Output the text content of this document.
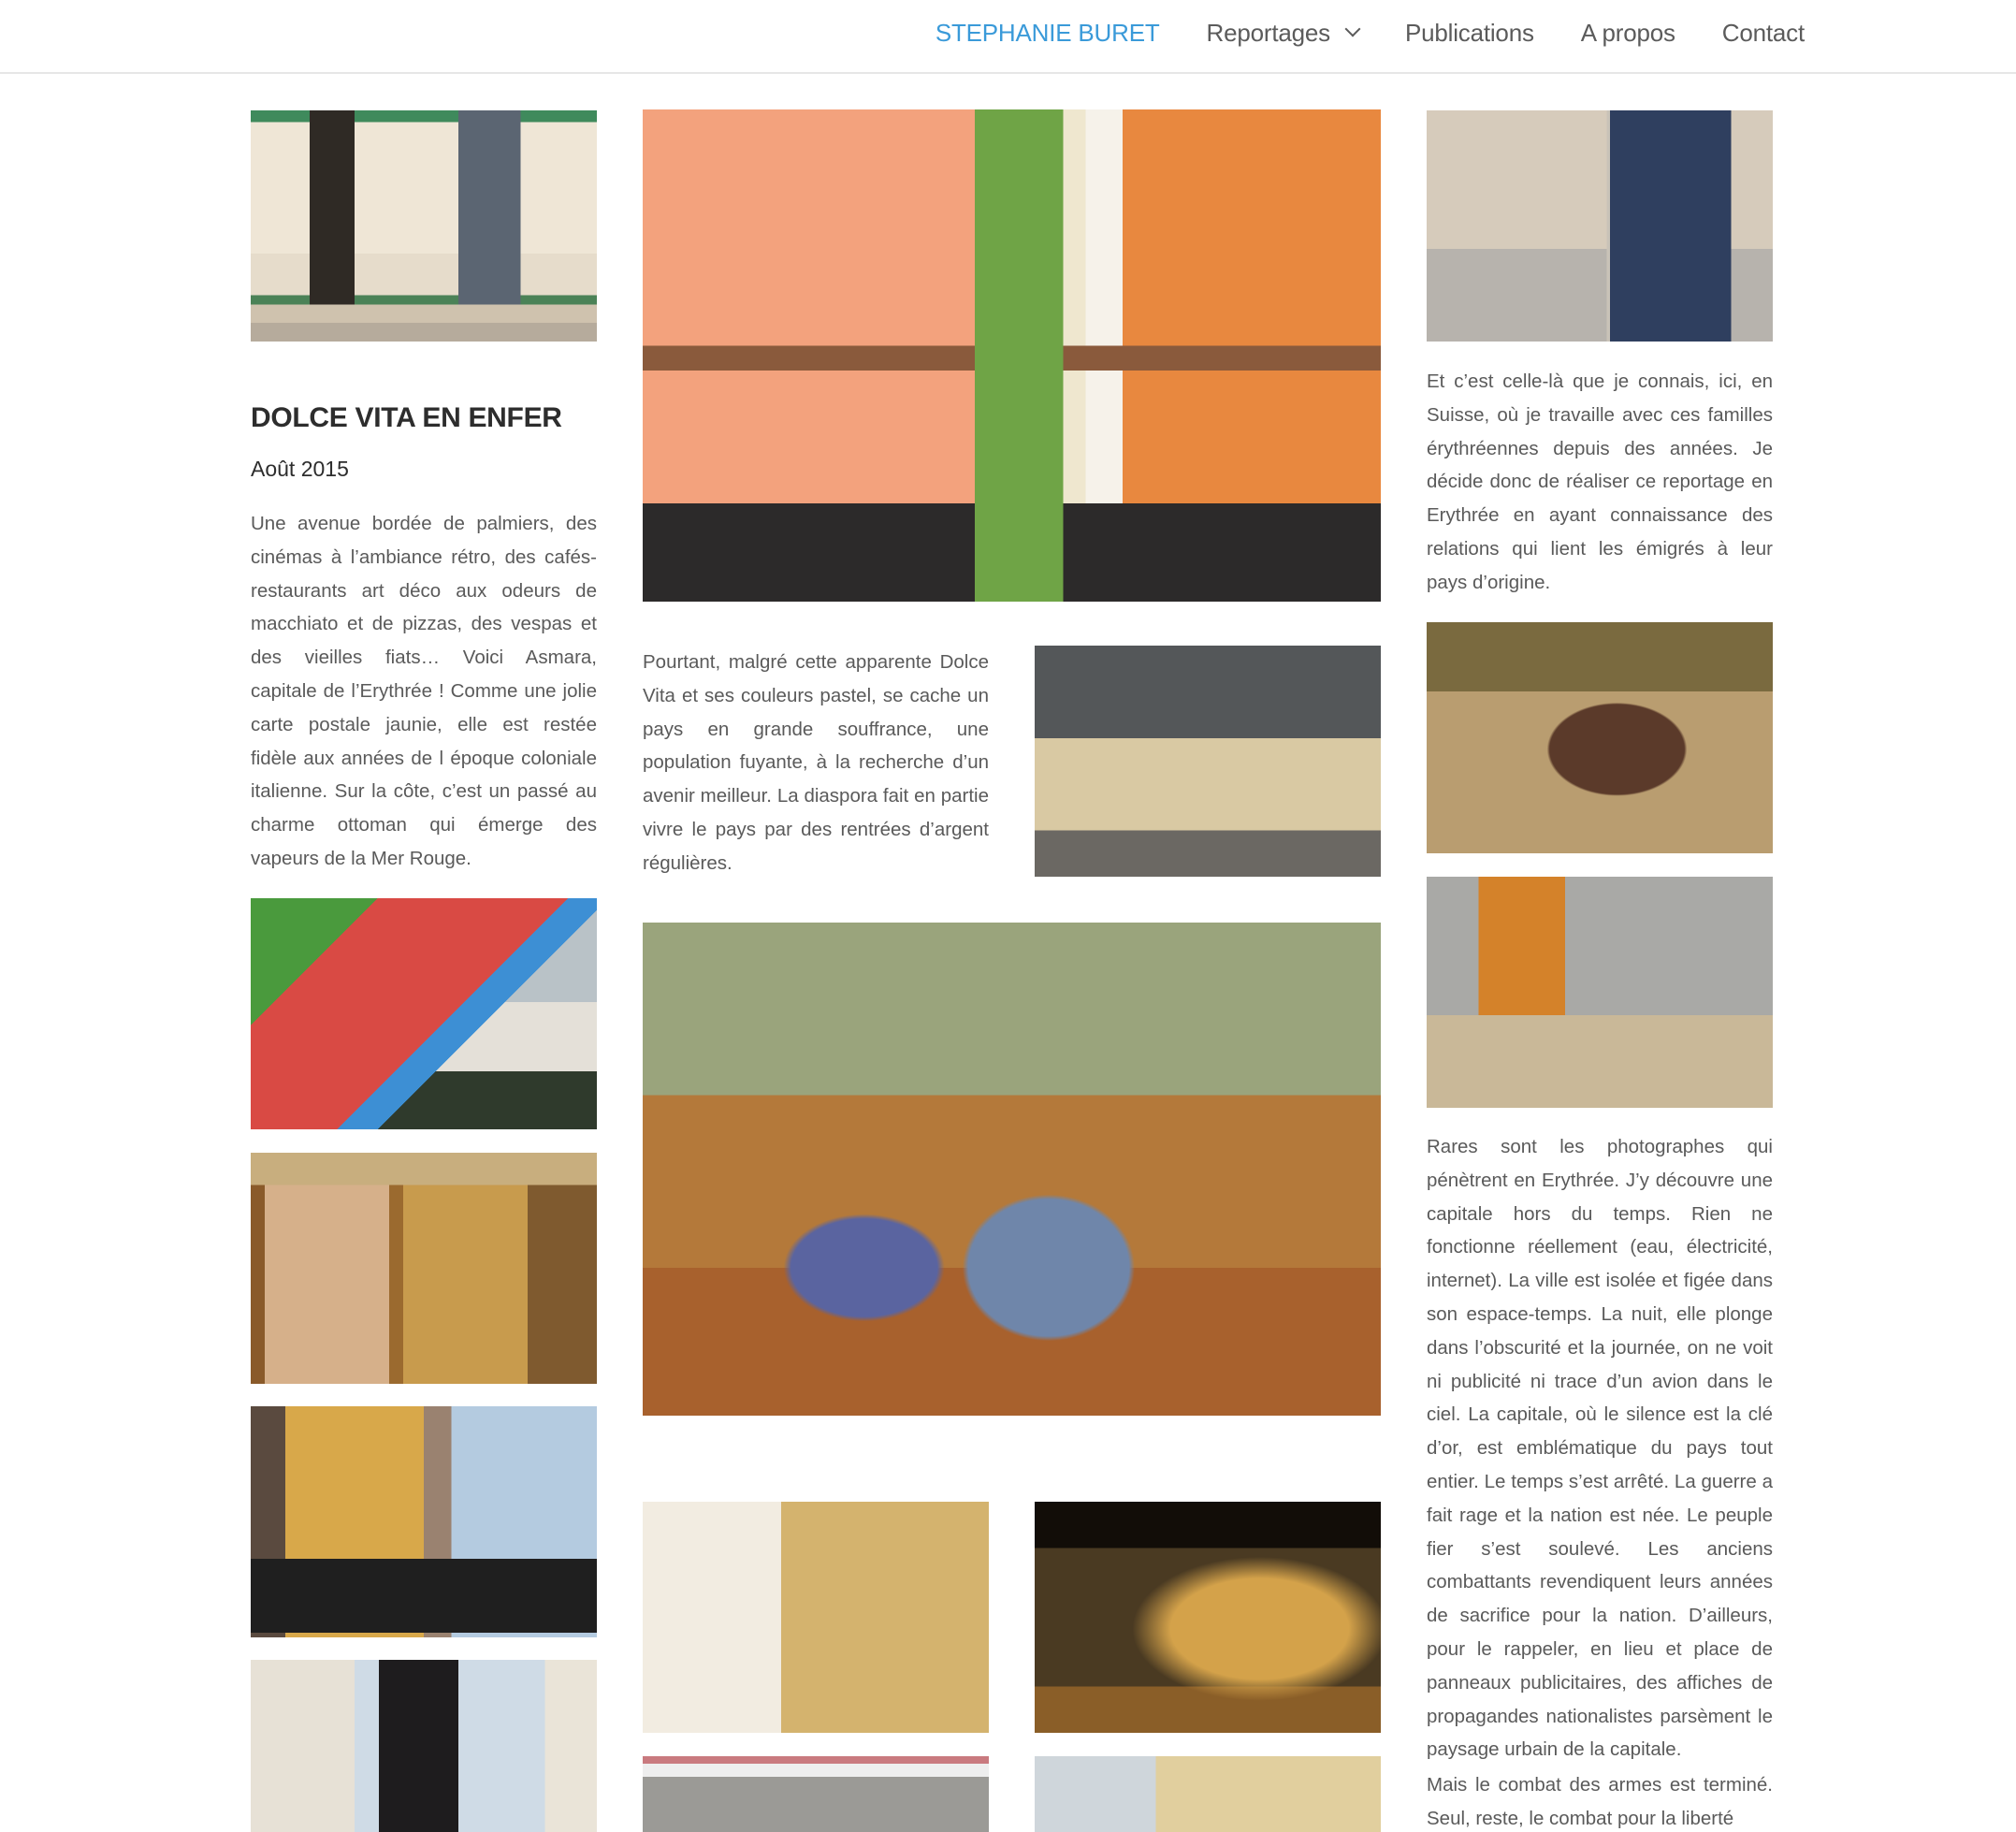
STEPHANIE BURET Reportages	Publications A propos Contact
DOLCE VITA EN ENFER
Août 2015

Une avenue bordée de palmiers, des cinémas à l’ambiance rétro, des cafés-restaurants art déco aux odeurs de macchiato et de pizzas, des vespas et des vieilles fiats… Voici Asmara, capitale de l’Erythrée ! Comme une jolie carte postale jaunie, elle est restée fidèle aux années de l époque coloniale italienne. Sur la côte, c’est un passé au charme ottoman qui émerge des vapeurs de la Mer Rouge.

Pourtant, malgré cette apparente Dolce Vita et ses couleurs pastel, se cache un pays en grande souffrance, une population fuyante, à la recherche d’un avenir meilleur. La diaspora fait en partie vivre le pays par des rentrées d’argent régulières.

Et c’est celle-là que je connais, ici, en Suisse, où je travaille avec ces familles érythréennes depuis des années. Je décide donc de réaliser ce reportage en Erythrée en ayant connaissance des relations qui lient les émigrés à leur pays d’origine.

Rares sont les photographes qui pénètrent en Erythrée. J’y découvre une capitale hors du temps. Rien ne fonctionne réellement (eau, électricité, internet). La ville est isolée et figée dans son espace-temps. La nuit, elle plonge dans l’obscurité et la journée, on ne voit ni publicité ni trace d’un avion dans le ciel. La capitale, où le silence est la clé d’or, est emblématique du pays tout entier. Le temps s’est arrêté. La guerre a fait rage et la nation est née. Le peuple fier s’est soulevé. Les anciens combattants revendiquent leurs années de sacrifice pour la nation. D’ailleurs, pour le rappeler, en lieu et place de panneaux publicitaires, des affiches de propagandes nationalistes parsèment le paysage urbain de la capitale.

Mais le combat des armes est terminé. Seul, reste, le combat pour la liberté
